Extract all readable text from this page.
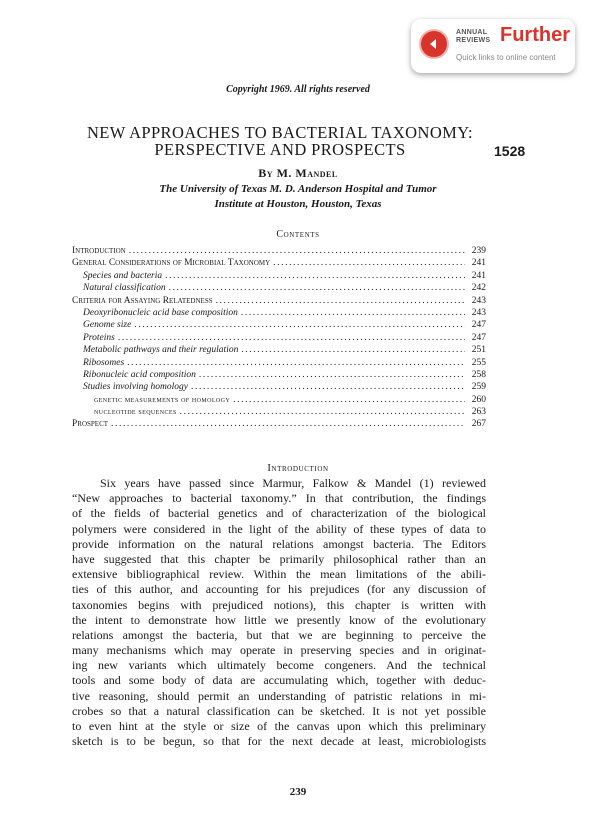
ANNUAL
REVIEWS Further
Quick links to online content
Copyright 1969. All rights reserved
NEW APPROACHES TO BACTERIAL TAXONOMY:
PERSPECTIVE AND PROSPECTS	1528
By M. Mandel
The University of Texas M. D. Anderson Hospital and Tumor
Institute at Houston, Houston, Texas
Contents
Introduction .....	239
General Considerations of Microbial Taxonomy .....	241
Species and bacteria .....	241
Natural classification .....	242
Criteria for Assaying Relatedness .....	243
Deoxyribonucleic acid base composition .....	243
Genome size .....	247
Proteins .....	247
Metabolic pathways and their regulation .....	251
Ribosomes .....	255
Ribonucleic acid composition .....	258
Studies involving homology .....	259
genetic measurements of homology .....	260
nucleotide sequences .....	263
Prospect .....	267
Introduction
Six years have passed since Marmur, Falkow & Mandel (1) reviewed
“New approaches to bacterial taxonomy.” In that contribution, the findings
of the fields of bacterial genetics and of characterization of the biological
polymers were considered in the light of the ability of these types of data to
provide information on the natural relations amongst bacteria. The Editors
have suggested that this chapter be primarily philosophical rather than an
extensive bibliographical review. Within the mean limitations of the abili-
ties of this author, and accounting for his prejudices (for any discussion of
taxonomies begins with prejudiced notions), this chapter is written with
the intent to demonstrate how little we presently know of the evolutionary
relations amongst the bacteria, but that we are beginning to perceive the
many mechanisms which may operate in preserving species and in originat-
ing new variants which ultimately become congeners. And the technical
tools and some body of data are accumulating which, together with deduc-
tive reasoning, should permit an understanding of patristic relations in mi-
crobes so that a natural classification can be sketched. It is not yet possible
to even hint at the style or size of the canvas upon which this preliminary
sketch is to be begun, so that for the next decade at least, microbiologists
239
